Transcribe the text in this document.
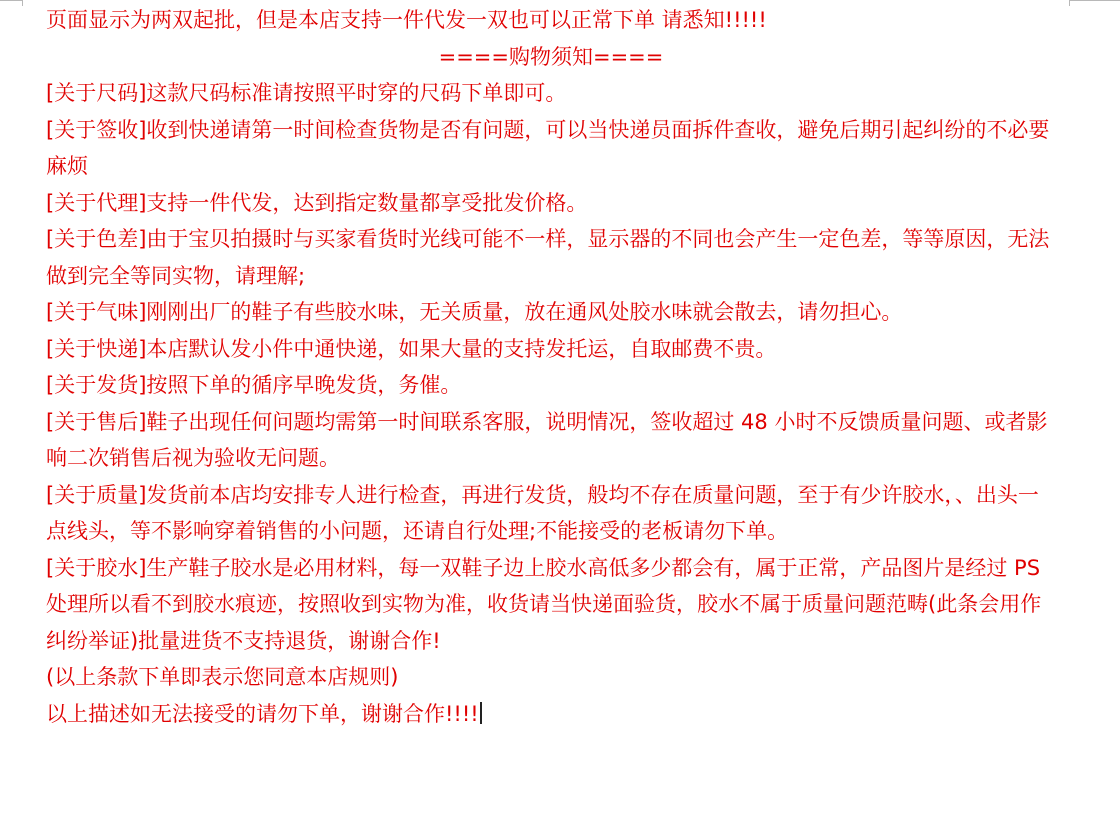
页面显示为两双起批，但是本店支持一件代发一双也可以正常下单 请悉知!!!!!

====购物须知====

[关于尺码]这款尺码标准请按照平时穿的尺码下单即可。

[关于签收]收到快递请第一时间检查货物是否有问题，可以当快递员面拆件查收，避免后期引起纠纷的不必要麻烦

[关于代理]支持一件代发，达到指定数量都享受批发价格。

[关于色差]由于宝贝拍摄时与买家看货时光线可能不一样，显示器的不同也会产生一定色差，等等原因，无法做到完全等同实物，请理解;

[关于气味]刚刚出厂的鞋子有些胶水味，无关质量，放在通风处胶水味就会散去，请勿担心。

[关于快递]本店默认发小件中通快递，如果大量的支持发托运，自取邮费不贵。

[关于发货]按照下单的循序早晚发货，务催。

[关于售后]鞋子出现任何问题均需第一时间联系客服，说明情况，签收超过 48 小时不反馈质量问题、或者影响二次销售后视为验收无问题。

[关于质量]发货前本店均安排专人进行检查，再进行发货，般均不存在质量问题，至于有少许胶水，、出头一点线头，等不影响穿着销售的小问题，还请自行处理;不能接受的老板请勿下单。

[关于胶水]生产鞋子胶水是必用材料，每一双鞋子边上胶水高低多少都会有，属于正常，产品图片是经过 PS 处理所以看不到胶水痕迹，按照收到实物为准，收货请当快递面验货，胶水不属于质量问题范畴(此条会用作纠纷举证)批量进货不支持退货，谢谢合作!

(以上条款下单即表示您同意本店规则)

以上描述如无法接受的请勿下单，谢谢合作!!!!
